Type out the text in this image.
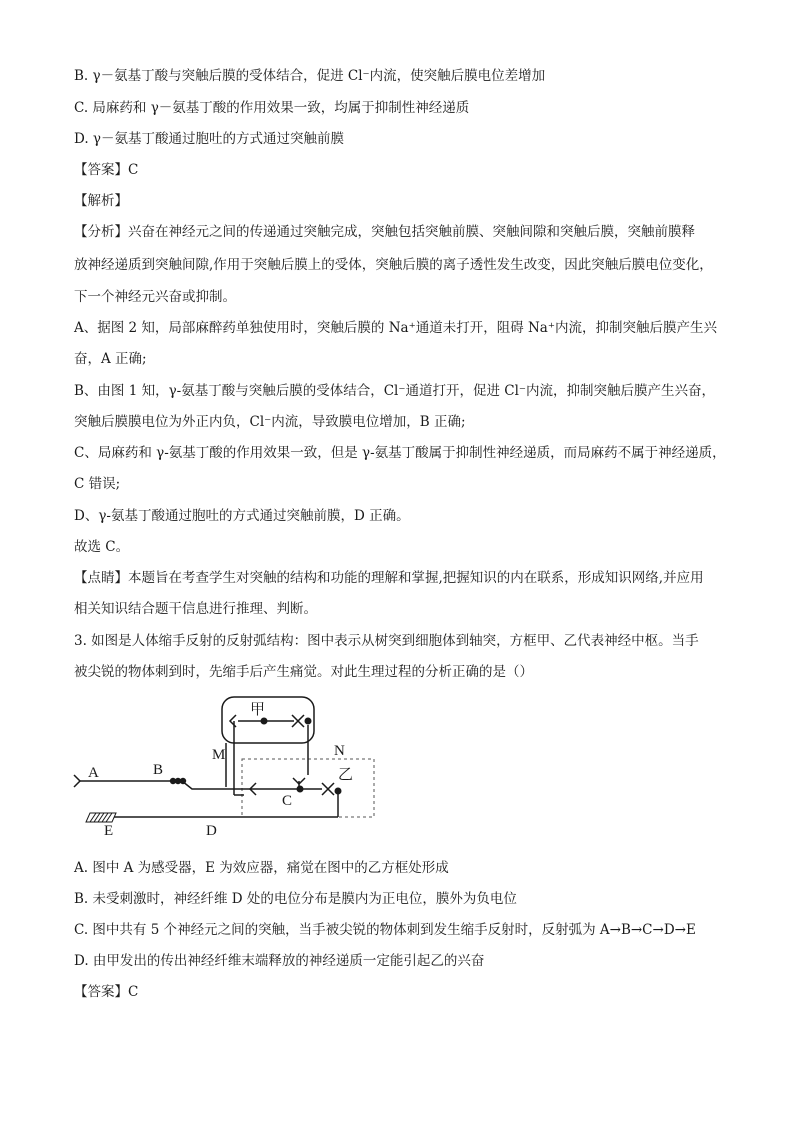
B. γ－氨基丁酸与突触后膜的受体结合，促进 Cl⁻内流，使突触后膜电位差增加
C. 局麻药和 γ－氨基丁酸的作用效果一致，均属于抑制性神经递质
D. γ－氨基丁酸通过胞吐的方式通过突触前膜
【答案】C
【解析】
【分析】兴奋在神经元之间的传递通过突触完成，突触包括突触前膜、突触间隙和突触后膜，突触前膜释
放神经递质到突触间隙,作用于突触后膜上的受体，突触后膜的离子透性发生改变，因此突触后膜电位变化，
下一个神经元兴奋或抑制。
A、据图 2 知，局部麻醉药单独使用时，突触后膜的 Na⁺通道未打开，阻碍 Na⁺内流，抑制突触后膜产生兴
奋，A 正确;
B、由图 1 知，γ-氨基丁酸与突触后膜的受体结合，Cl⁻通道打开，促进 Cl⁻内流，抑制突触后膜产生兴奋，
突触后膜膜电位为外正内负，Cl⁻内流，导致膜电位增加，B 正确;
C、局麻药和 γ-氨基丁酸的作用效果一致，但是 γ-氨基丁酸属于抑制性神经递质，而局麻药不属于神经递质，
C 错误;
D、γ-氨基丁酸通过胞吐的方式通过突触前膜，D 正确。
故选 C。
【点睛】本题旨在考查学生对突触的结构和功能的理解和掌握,把握知识的内在联系，形成知识网络,并应用
相关知识结合题干信息进行推理、判断。
3. 如图是人体缩手反射的反射弧结构：图中表示从树突到细胞体到轴突，方框甲、乙代表神经中枢。当手
被尖锐的物体刺到时，先缩手后产生痛觉。对此生理过程的分析正确的是（）
甲
M	N
A	B
C
乙
D
E
A. 图中 A 为感受器，E 为效应器，痛觉在图中的乙方框处形成
B. 未受刺激时，神经纤维 D 处的电位分布是膜内为正电位，膜外为负电位
C. 图中共有 5 个神经元之间的突触，当手被尖锐的物体刺到发生缩手反射时，反射弧为 A→B→C→D→E
D. 由甲发出的传出神经纤维末端释放的神经递质一定能引起乙的兴奋
【答案】C
